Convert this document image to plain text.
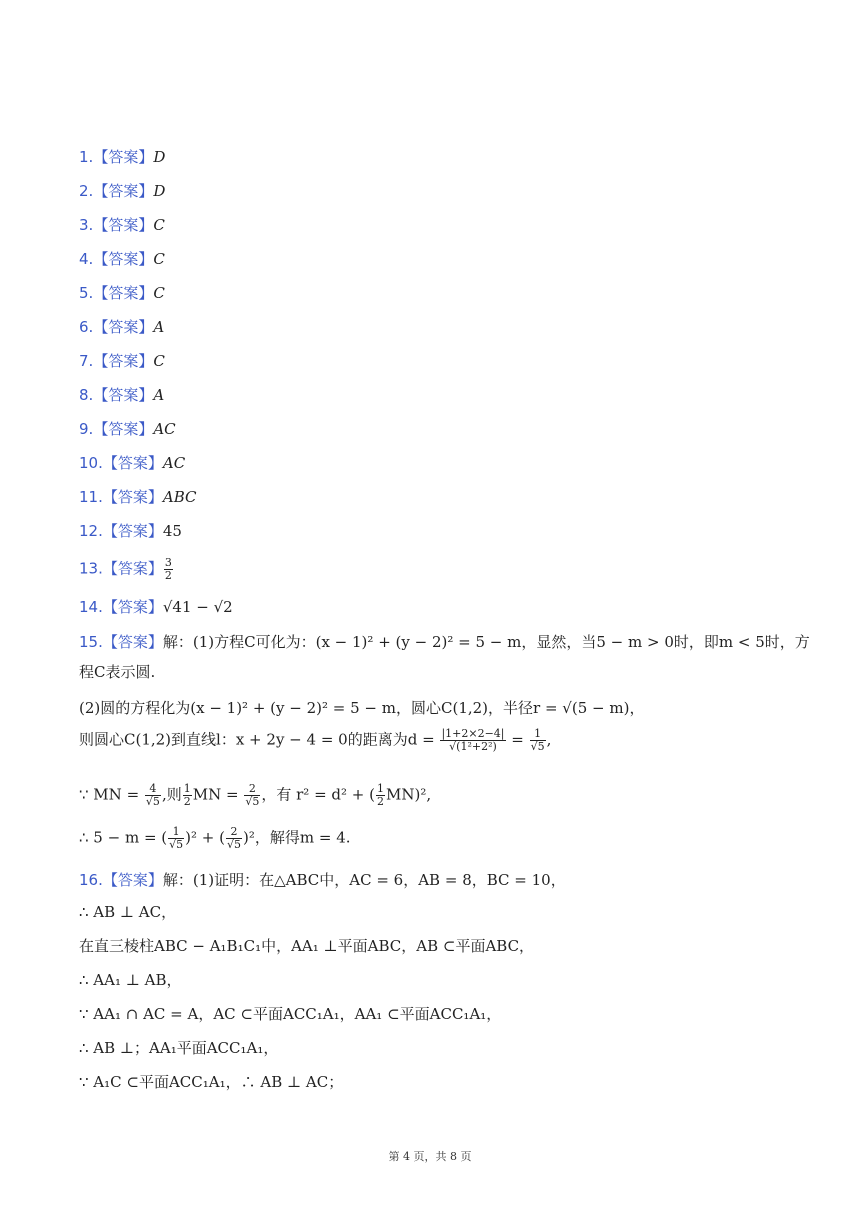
1.【答案】D
2.【答案】D
3.【答案】C
4.【答案】C
5.【答案】C
6.【答案】A
7.【答案】C
8.【答案】A
9.【答案】AC
10.【答案】AC
11.【答案】ABC
12.【答案】45
13.【答案】 $\frac{3}{2}$
14.【答案】√41 − √2
15.【答案】解：(1)方程C可化为：(x − 1)² + (y − 2)² = 5 − m，显然，当5 − m > 0时，即m < 5时，方
程C表示圆.
(2)圆的方程化为(x − 1)² + (y − 2)² = 5 − m，圆心C(1,2)，半径r = √(5 − m)，
则圆心C(1,2)到直线l：x + 2y − 4 = 0的距离为$d = \frac{|1+2\times 2-4|}{\text{√(1²+2²)}} = \frac{1}{√5}$ ,
∵ MN = $\frac{4}{√5}$ ,则 $\frac{1}{2}$ MN = $\frac{2}{√5}$ ，有 r² = d² + ( $\frac{1}{2} MN)^2$,
∴ 5 − m = ( $\frac{1}{√5} )^2$ + ( $\frac{2}{√5} )^2$，解得m = 4.
16.【答案】解：(1)证明：在△ABC中，AC = 6，AB = 8，BC = 10，
∴ AB ⊥ AC，
在直三棱柱ABC − A₁B₁C₁中，AA₁ ⊥平面ABC，AB ⊂平面ABC，
∴ AA₁ ⊥ AB，
∵ AA₁ ∩ AC = A，AC ⊂平面ACC₁A₁，AA₁ ⊂平面ACC₁A₁，
∴ AB ⊥；AA₁平面ACC₁A₁，
∵ A₁C ⊂平面ACC₁A₁，∴ AB ⊥ AC；
第 4 页，共 8 页
